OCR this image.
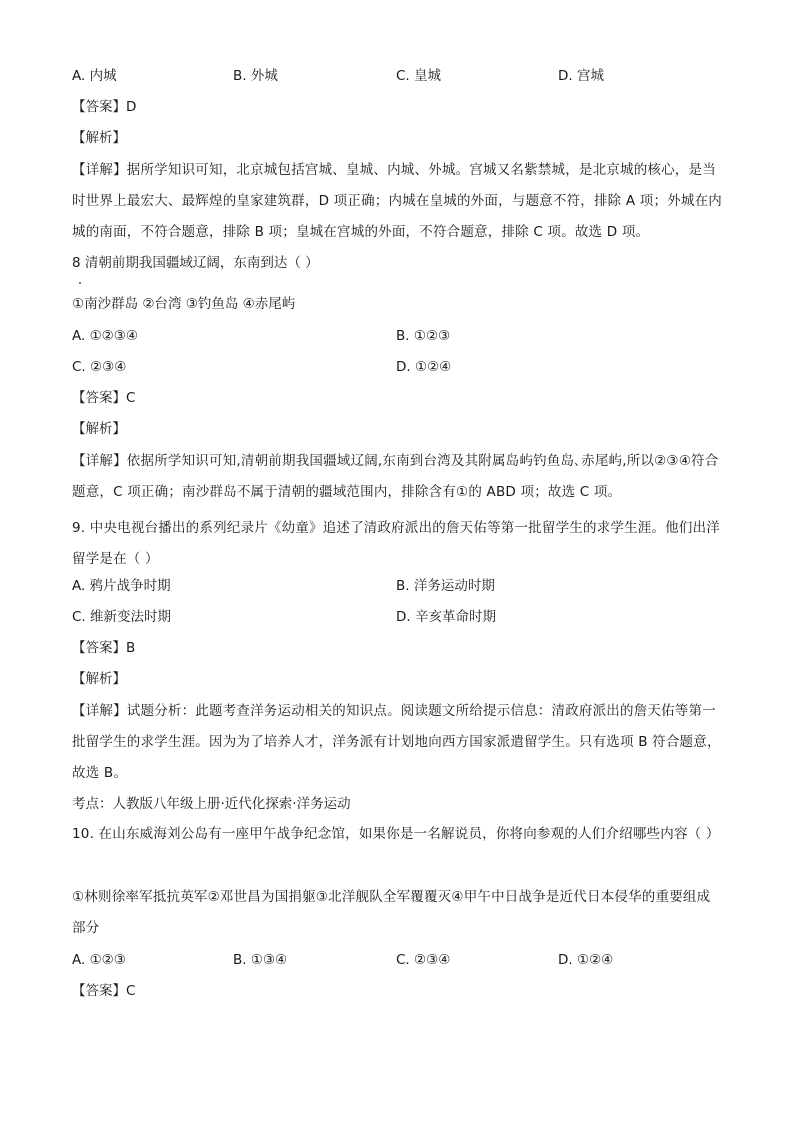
A. 内城	B. 外城	C. 皇城	D. 宫城
【答案】D
【解析】
【详解】据所学知识可知，北京城包括宫城、皇城、内城、外城。宫城又名紫禁城，是北京城的核心，是当时世界上最宏大、最辉煌的皇家建筑群，D 项正确；内城在皇城的外面，与题意不符，排除 A 项；外城在内城的南面，不符合题意，排除 B 项；皇城在宫城的外面，不符合题意，排除 C 项。故选 D 项。
8 清朝前期我国疆域辽阔，东南到达（ ）
①南沙群岛 ②台湾 ③钓鱼岛 ④赤尾屿
A. ①②③④	B. ①②③
C. ②③④	D. ①②④
【答案】C
【解析】
【详解】依据所学知识可知,清朝前期我国疆域辽阔,东南到台湾及其附属岛屿钓鱼岛､赤尾屿,所以②③④符合题意，C 项正确；南沙群岛不属于清朝的疆域范围内，排除含有①的 ABD 项；故选 C 项。
9. 中央电视台播出的系列纪录片《幼童》追述了清政府派出的詹天佑等第一批留学生的求学生涯。他们出洋留学是在（ ）
A. 鸦片战争时期	B. 洋务运动时期
C. 维新变法时期	D. 辛亥革命时期
【答案】B
【解析】
【详解】试题分析：此题考查洋务运动相关的知识点。阅读题文所给提示信息：清政府派出的詹天佑等第一批留学生的求学生涯。因为为了培养人才，洋务派有计划地向西方国家派遣留学生。只有选项 B 符合题意，故选 B。
考点：人教版八年级上册·近代化探索·洋务运动
10. 在山东威海刘公岛有一座甲午战争纪念馆，如果你是一名解说员，你将向参观的人们介绍哪些内容（ ）
①林则徐率军抵抗英军②邓世昌为国捐躯③北洋舰队全军覆覆灭④甲午中日战争是近代日本侵华的重要组成部分
A. ①②③	B. ①③④	C. ②③④	D. ①②④
【答案】C
